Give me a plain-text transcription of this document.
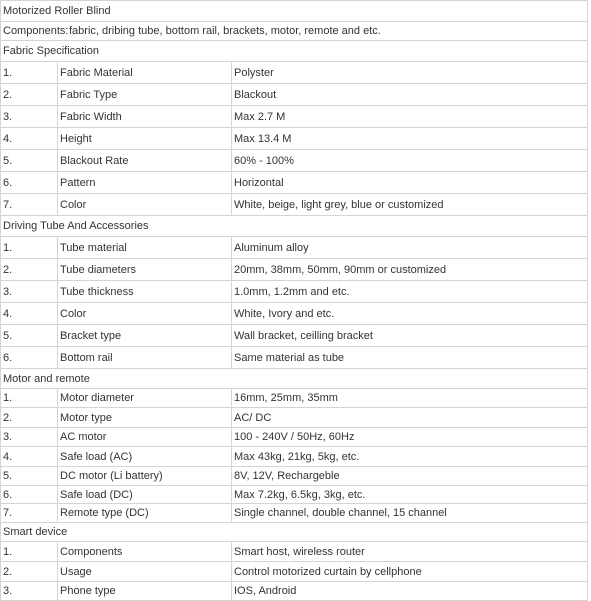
Motorized Roller Blind		
Components:fabric, dribing tube, bottom rail, brackets, motor, remote and etc.		
Fabric Specification		
1.	Fabric Material	Polyster
2.	Fabric Type	Blackout
3.	Fabric Width	Max 2.7 M
4.	Height	Max 13.4 M
5.	Blackout Rate	60% - 100%
6.	Pattern	Horizontal
7.	Color	White, beige, light grey, blue or customized
Driving Tube And Accessories		
1.	Tube material	Aluminum alloy
2.	Tube diameters	20mm, 38mm, 50mm, 90mm or customized
3.	Tube thickness	1.0mm, 1.2mm and etc.
4.	Color	White, Ivory and etc.
5.	Bracket type	Wall bracket, ceilling bracket
6.	Bottom rail	Same material as tube
Motor and remote		
1.	Motor diameter	16mm, 25mm, 35mm
2.	Motor type	AC/ DC
3.	AC motor	100 - 240V / 50Hz, 60Hz
4.	Safe load (AC)	Max 43kg, 21kg, 5kg, etc.
5.	DC motor (Li battery)	8V, 12V, Rechargeble
6.	Safe load (DC)	Max 7.2kg, 6.5kg, 3kg, etc.
7.	Remote type (DC)	Single channel, double channel, 15 channel
Smart device		
1.	Components	Smart host, wireless router
2.	Usage	Control motorized curtain by cellphone
3.	Phone type	IOS, Android
